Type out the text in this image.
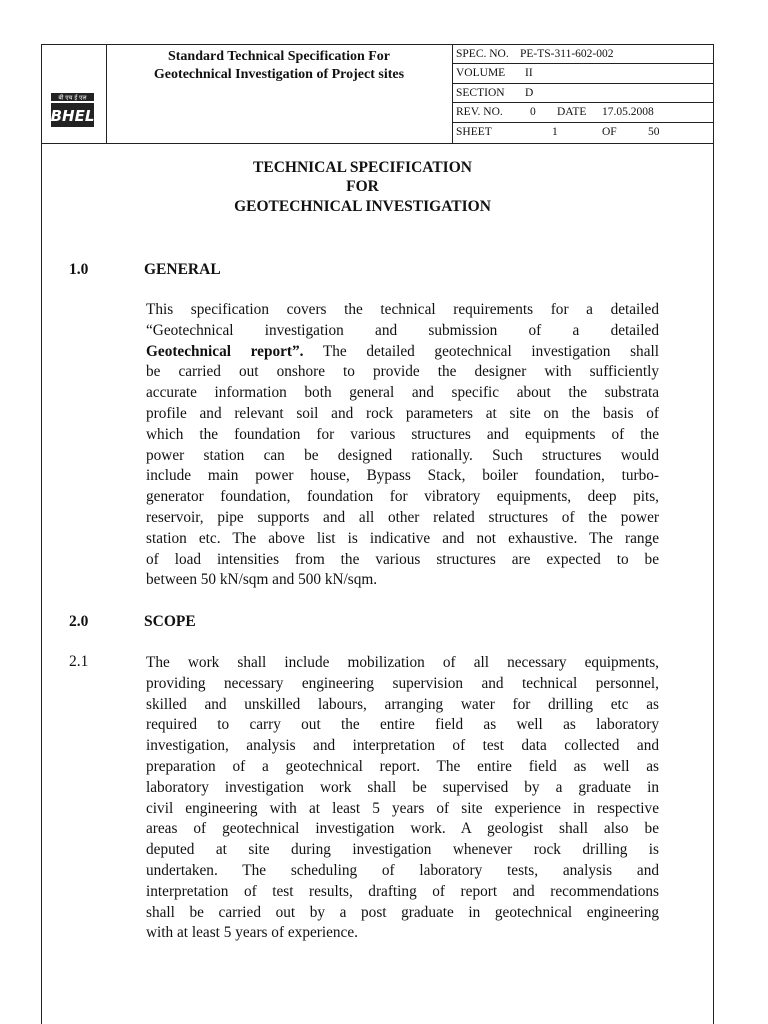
बी एच ई एल
BHEL
Standard Technical Specification For
Geotechnical Investigation of Project sites
SPEC. NO. PE-TS-311-602-002
VOLUME II
SECTION D
REV. NO. 0 DATE 17.05.2008
SHEET	1	OF	50
TECHNICAL SPECIFICATION
FOR
GEOTECHNICAL INVESTIGATION
1.0	GENERAL
This specification covers the technical requirements for a detailed
“Geotechnical investigation and submission of a detailed
Geotechnical report”. The detailed geotechnical investigation shall
be carried out onshore to provide the designer with sufficiently
accurate information both general and specific about the substrata
profile and relevant soil and rock parameters at site on the basis of
which the foundation for various structures and equipments of the
power station can be designed rationally. Such structures would
include main power house, Bypass Stack, boiler foundation, turbo-
generator foundation, foundation for vibratory equipments, deep pits,
reservoir, pipe supports and all other related structures of the power
station etc. The above list is indicative and not exhaustive. The range
of load intensities from the various structures are expected to be
between 50 kN/sqm and 500 kN/sqm.
2.0	SCOPE
2.1	The work shall include mobilization of all necessary equipments,
providing necessary engineering supervision and technical personnel,
skilled and unskilled labours, arranging water for drilling etc as
required to carry out the entire field as well as laboratory
investigation, analysis and interpretation of test data collected and
preparation of a geotechnical report. The entire field as well as
laboratory investigation work shall be supervised by a graduate in
civil engineering with at least 5 years of site experience in respective
areas of geotechnical investigation work. A geologist shall also be
deputed at site during investigation whenever rock drilling is
undertaken. The scheduling of laboratory tests, analysis and
interpretation of test results, drafting of report and recommendations
shall be carried out by a post graduate in geotechnical engineering
with at least 5 years of experience.
